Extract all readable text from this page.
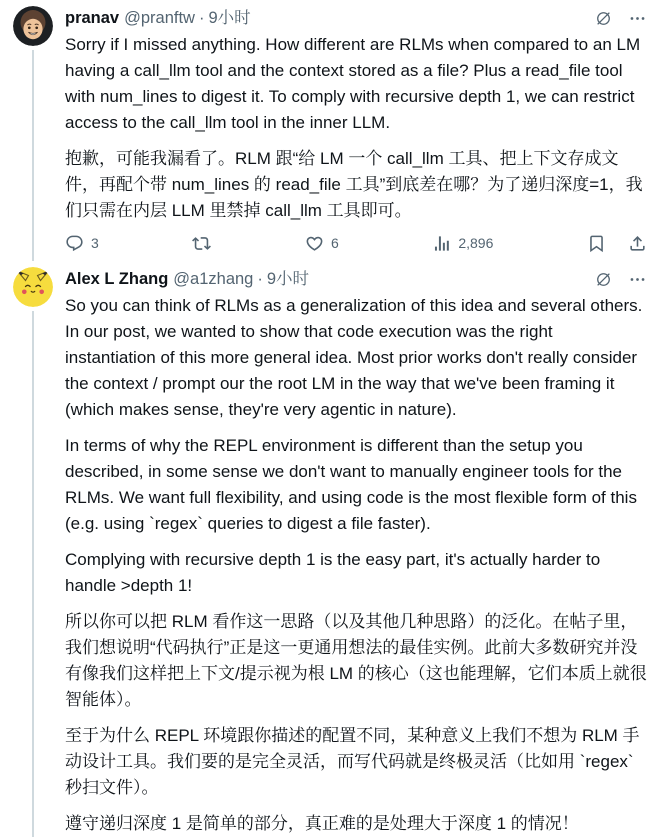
pranav @pranftw · 9小时

Sorry if I missed anything. How different are RLMs when compared to an LM having a call_llm tool and the context stored as a file? Plus a read_file tool with num_lines to digest it. To comply with recursive depth 1, we can restrict access to the call_llm tool in the inner LLM.

抱歉，可能我漏看了。RLM 跟“给 LM 一个 call_llm 工具、把上下文存成文件，再配个带 num_lines 的 read_file 工具”到底差在哪？为了递归深度=1，我们只需在内层 LLM 里禁掉 call_llm 工具即可。

3	6	2,896
Alex L Zhang @a1zhang · 9小时

So you can think of RLMs as a generalization of this idea and several others. In our post, we wanted to show that code execution was the right instantiation of this more general idea. Most prior works don't really consider the context / prompt our the root LM in the way that we've been framing it (which makes sense, they're very agentic in nature).

In terms of why the REPL environment is different than the setup you described, in some sense we don't want to manually engineer tools for the RLMs. We want full flexibility, and using code is the most flexible form of this (e.g. using `regex` queries to digest a file faster).

Complying with recursive depth 1 is the easy part, it's actually harder to handle >depth 1!

所以你可以把 RLM 看作这一思路（以及其他几种思路）的泛化。在帖子里，我们想说明“代码执行”正是这一更通用想法的最佳实例。此前大多数研究并没有像我们这样把上下文/提示视为根 LM 的核心（这也能理解，它们本质上就很智能体）。

至于为什么 REPL 环境跟你描述的配置不同，某种意义上我们不想为 RLM 手动设计工具。我们要的是完全灵活，而写代码就是终极灵活（比如用 `regex` 秒扫文件）。

遵守递归深度 1 是简单的部分，真正难的是处理大于深度 1 的情况！
